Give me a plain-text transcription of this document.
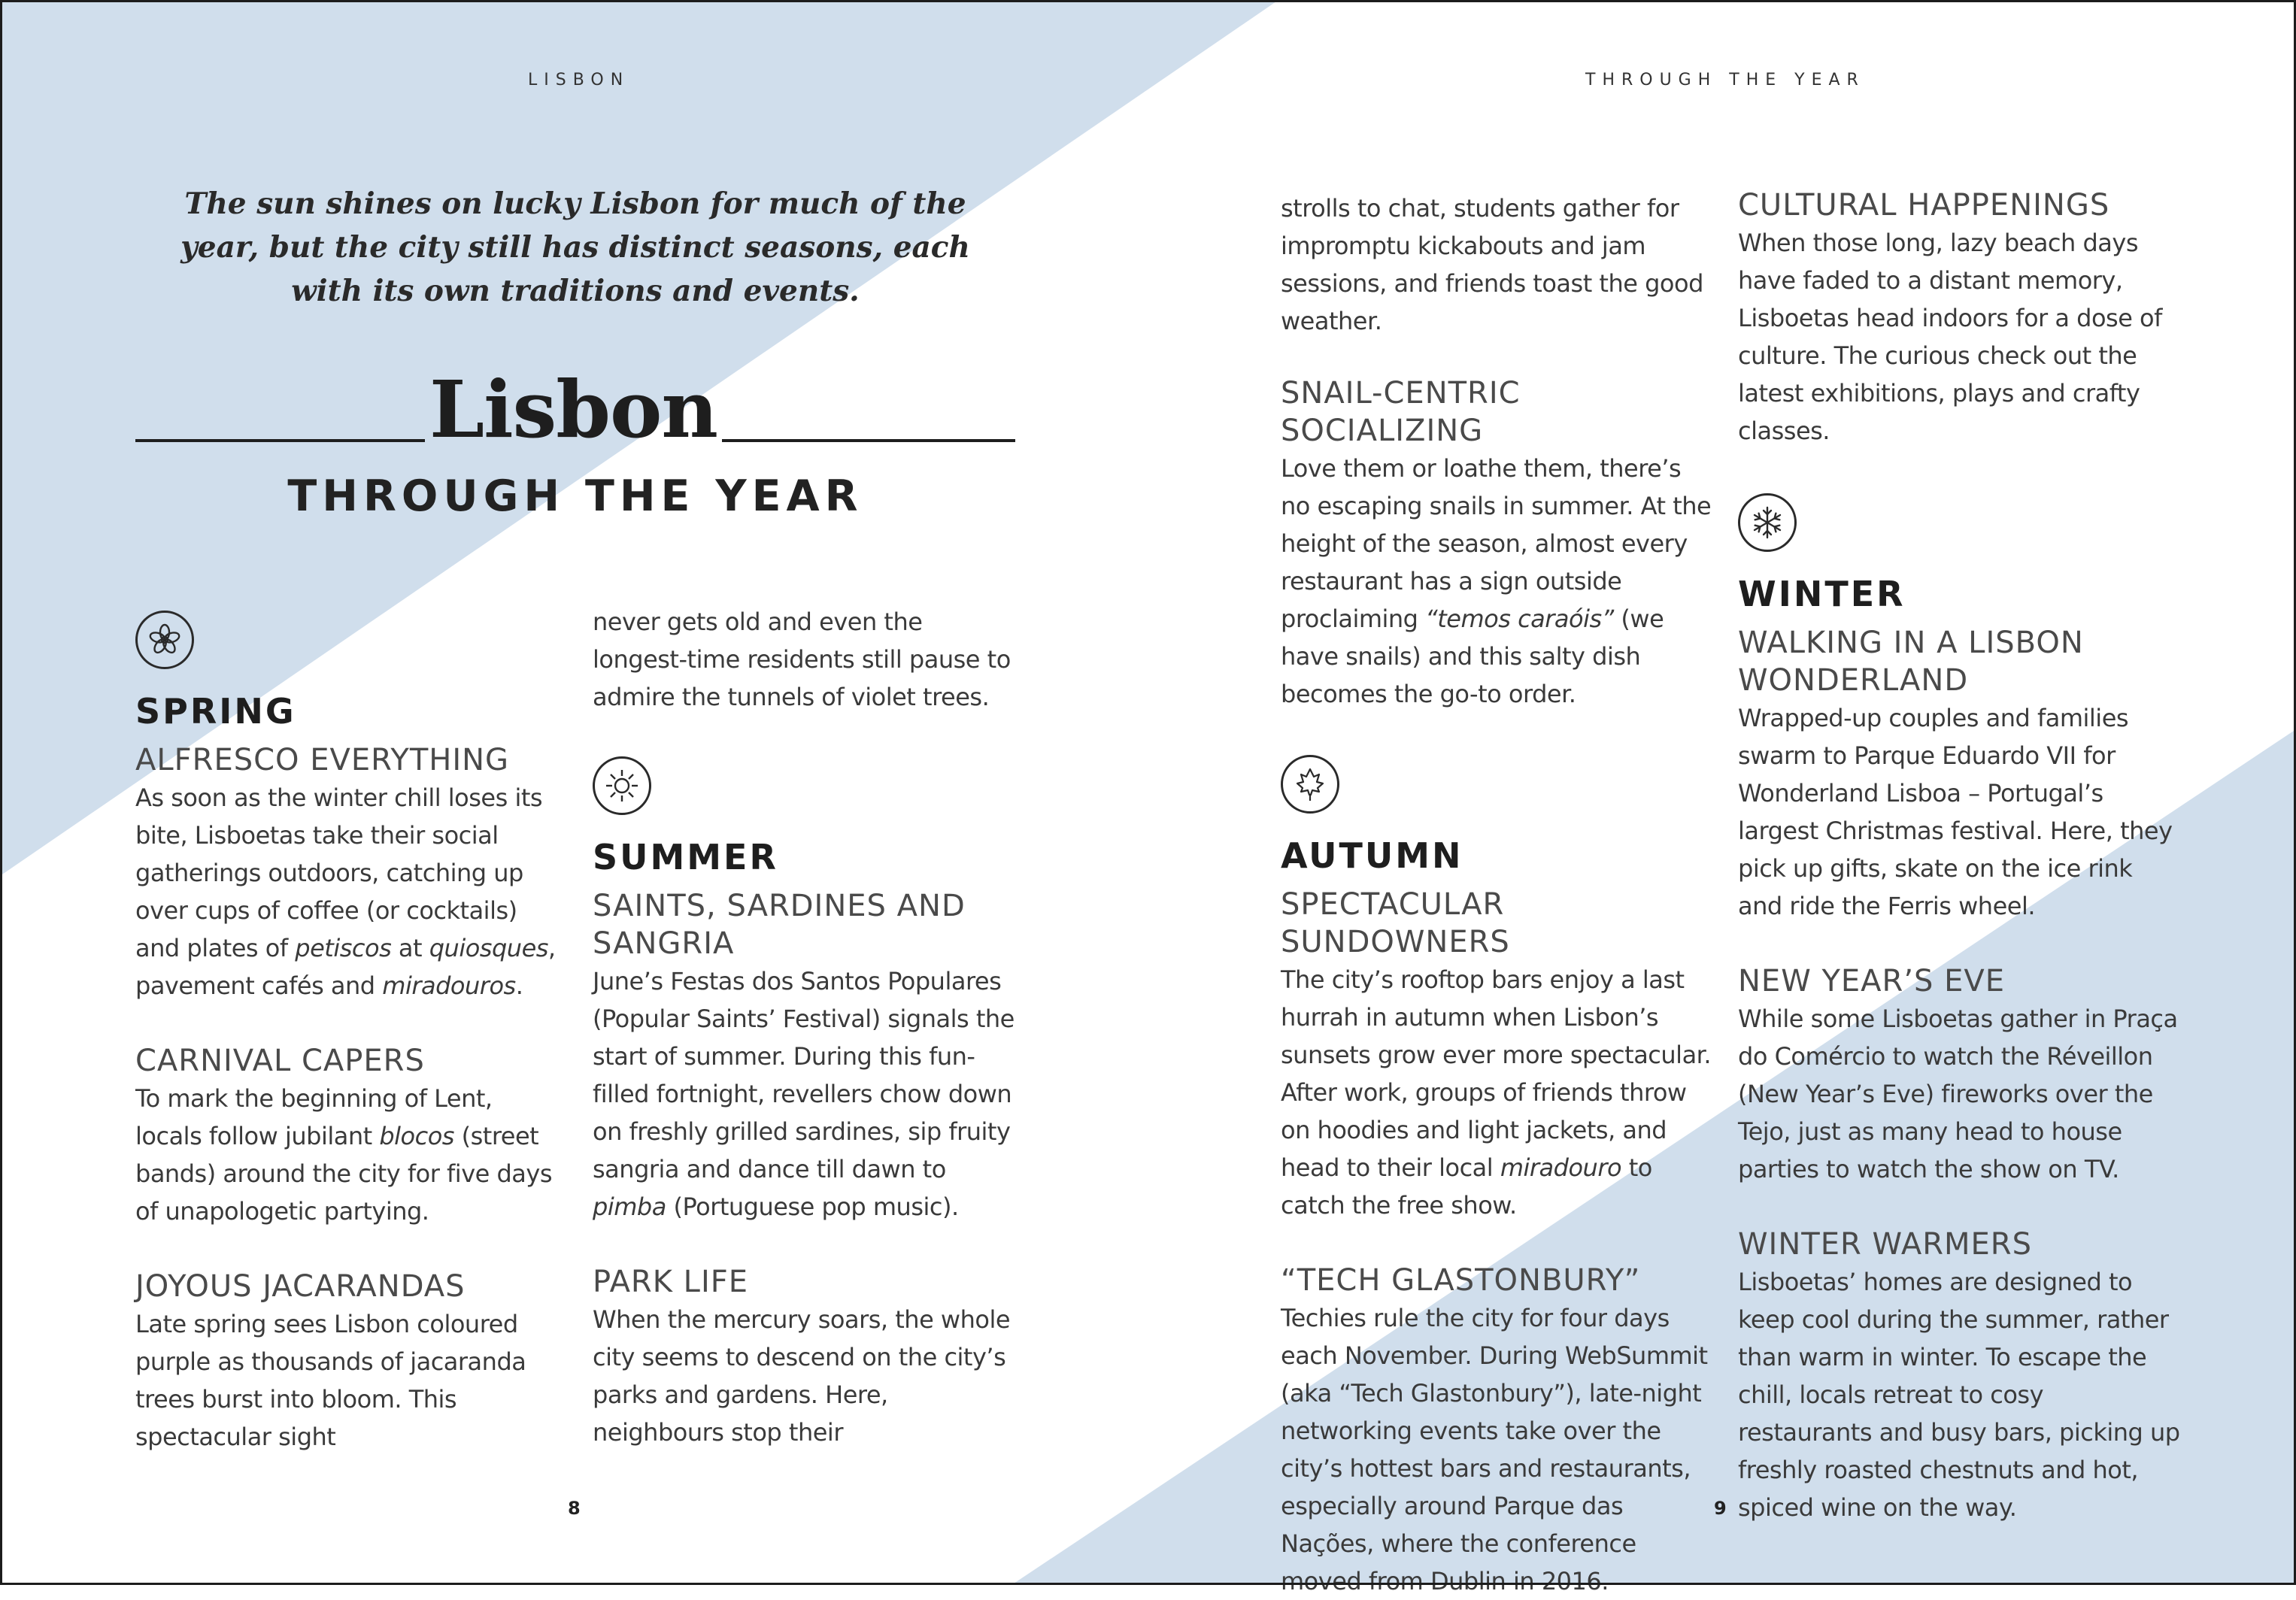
LISBON	THROUGH THE YEAR

The sun shines on lucky Lisbon for much of the year, but the city still has distinct seasons, each with its own traditions and events.

Lisbon
THROUGH THE YEAR
SPRING
ALFRESCO EVERYTHING

As soon as the winter chill loses its bite, Lisboetas take their social gatherings outdoors, catching up over cups of coffee (or cocktails) and plates of petiscos at quiosques, pavement cafés and miradouros.

CARNIVAL CAPERS

To mark the beginning of Lent, locals follow jubilant blocos (street bands) around the city for five days of unapologetic partying.

JOYOUS JACARANDAS

Late spring sees Lisbon coloured purple as thousands of jacaranda trees burst into bloom. This spectacular sight

never gets old and even the longest-time residents still pause to admire the tunnels of violet trees.

SUMMER
SAINTS, SARDINES AND SANGRIA

June’s Festas dos Santos Populares (Popular Saints’ Festival) signals the start of summer. During this fun-filled fortnight, revellers chow down on freshly grilled sardines, sip fruity sangria and dance till dawn to pimba (Portuguese pop music).

PARK LIFE

When the mercury soars, the whole city seems to descend on the city’s parks and gardens. Here, neighbours stop their

strolls to chat, students gather for impromptu kickabouts and jam sessions, and friends toast the good weather.

SNAIL-CENTRIC SOCIALIZING

Love them or loathe them, there’s no escaping snails in summer. At the height of the season, almost every restaurant has a sign outside proclaiming “temos caraóis” (we have snails) and this salty dish becomes the go-to order.

AUTUMN
SPECTACULAR SUNDOWNERS

The city’s rooftop bars enjoy a last hurrah in autumn when Lisbon’s sunsets grow ever more spectacular. After work, groups of friends throw on hoodies and light jackets, and head to their local miradouro to catch the free show.

“TECH GLASTONBURY”

Techies rule the city for four days each November. During WebSummit (aka “Tech Glastonbury”), late-night networking events take over the city’s hottest bars and restaurants, especially around Parque das Nações, where the conference moved from Dublin in 2016.

CULTURAL HAPPENINGS

When those long, lazy beach days have faded to a distant memory, Lisboetas head indoors for a dose of culture. The curious check out the latest exhibitions, plays and crafty classes.

WINTER
WALKING IN A LISBON WONDERLAND

Wrapped-up couples and families swarm to Parque Eduardo VII for Wonderland Lisboa – Portugal’s largest Christmas festival. Here, they pick up gifts, skate on the ice rink and ride the Ferris wheel.

NEW YEAR’S EVE

While some Lisboetas gather in Praça do Comércio to watch the Réveillon (New Year’s Eve) fireworks over the Tejo, just as many head to house parties to watch the show on TV.

WINTER WARMERS

Lisboetas’ homes are designed to keep cool during the summer, rather than warm in winter. To escape the chill, locals retreat to cosy restaurants and busy bars, picking up freshly roasted chestnuts and hot, spiced wine on the way.

8	9
